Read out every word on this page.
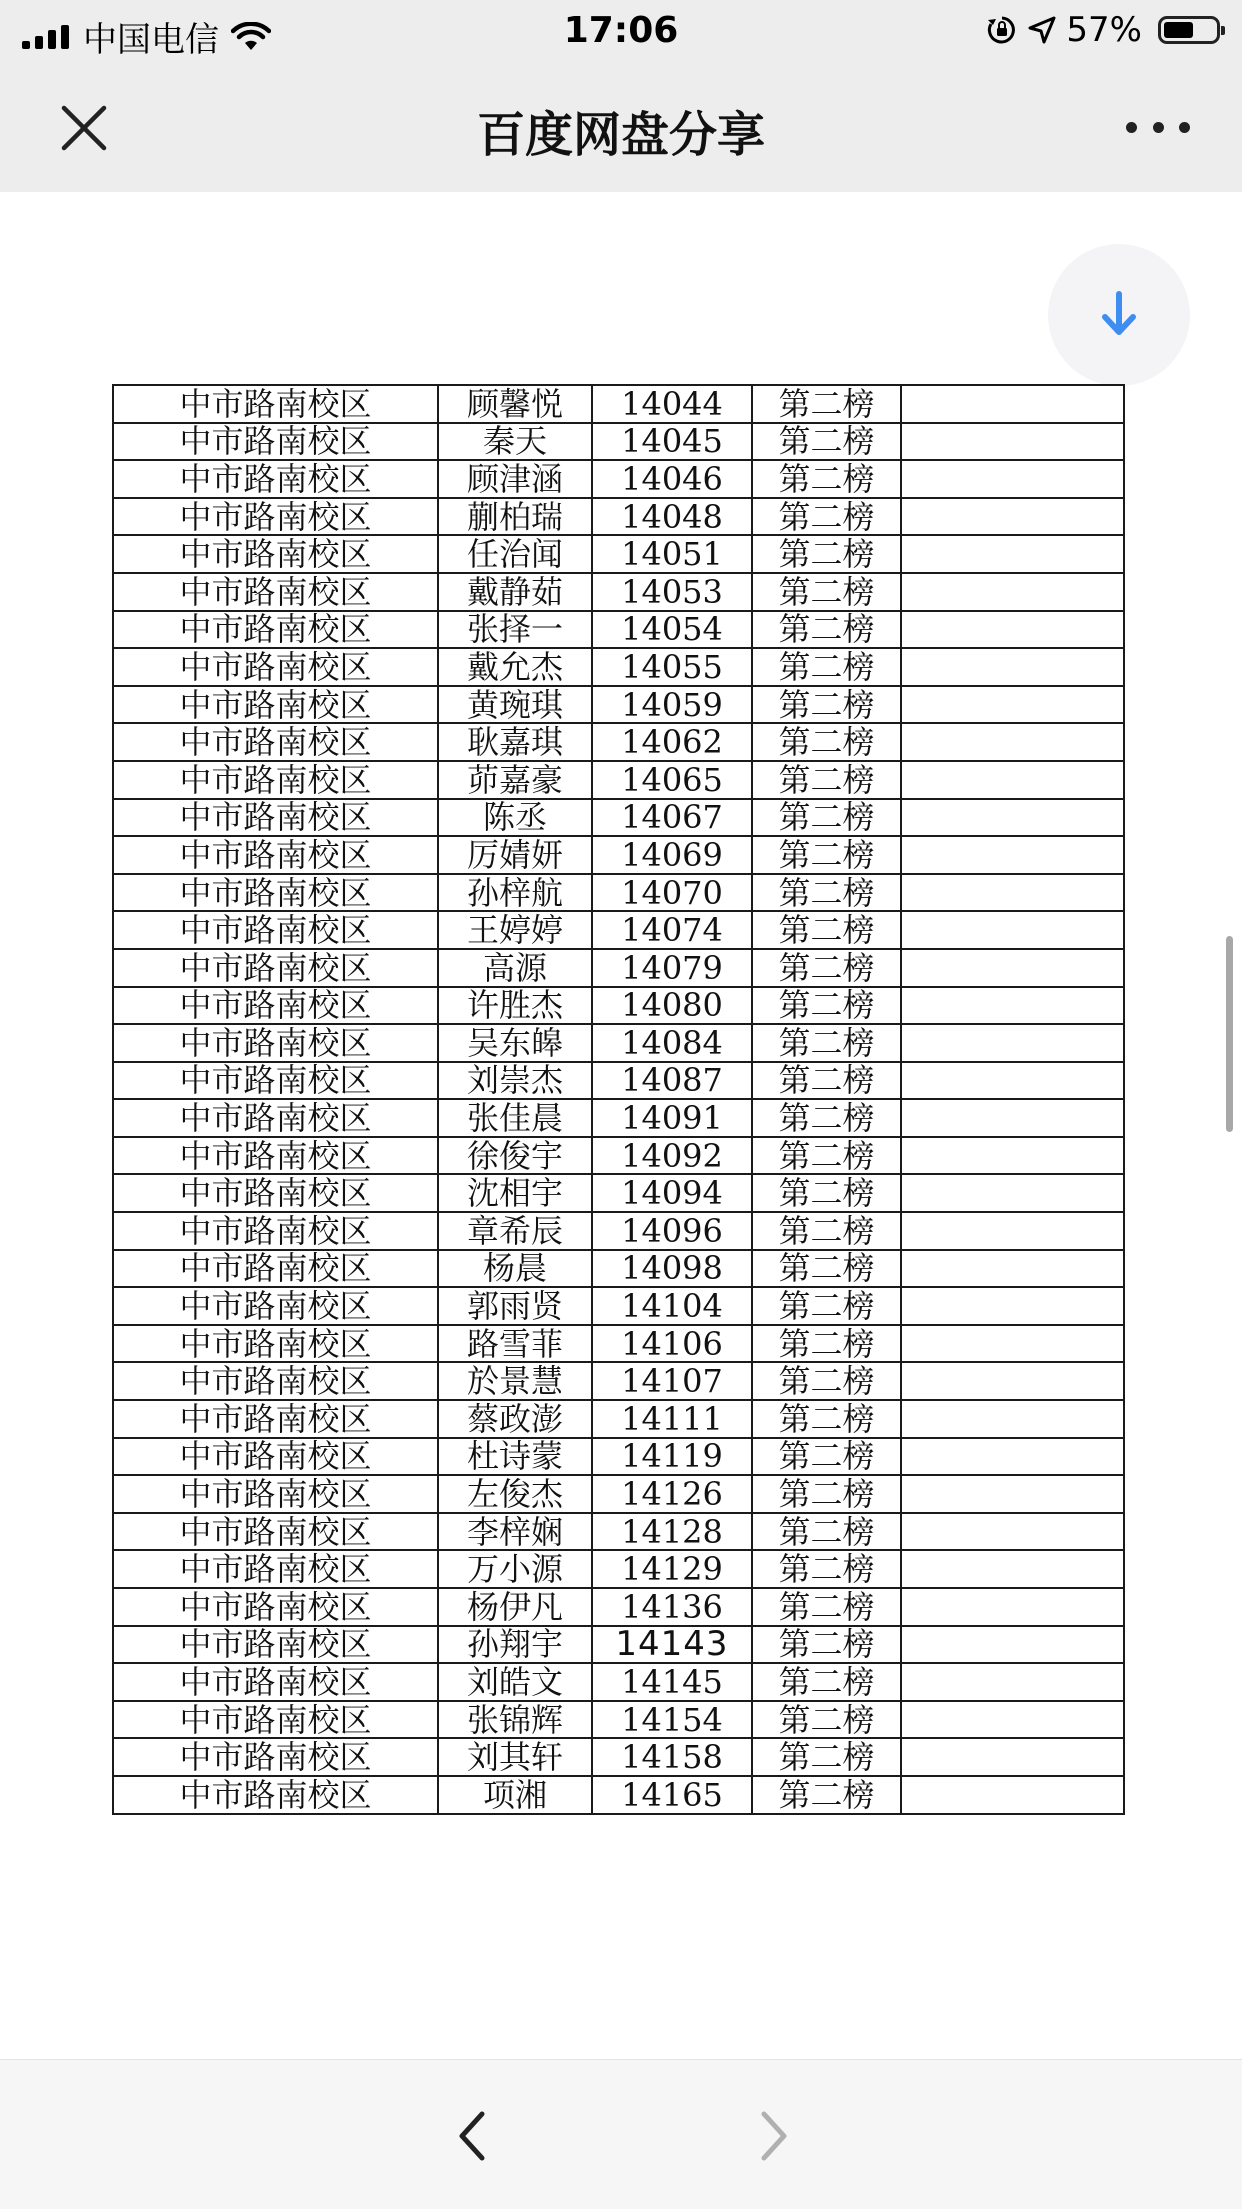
中国电信	17:06	57%
百度网盘分享
中市路南校区	顾馨悦	14044	第二榜	
中市路南校区	秦天	14045	第二榜	
中市路南校区	顾津涵	14046	第二榜	
中市路南校区	蒯柏瑞	14048	第二榜	
中市路南校区	任治闻	14051	第二榜	
中市路南校区	戴静茹	14053	第二榜	
中市路南校区	张择一	14054	第二榜	
中市路南校区	戴允杰	14055	第二榜	
中市路南校区	黄琬琪	14059	第二榜	
中市路南校区	耿嘉琪	14062	第二榜	
中市路南校区	茆嘉豪	14065	第二榜	
中市路南校区	陈丞	14067	第二榜	
中市路南校区	厉婧妍	14069	第二榜	
中市路南校区	孙梓航	14070	第二榜	
中市路南校区	王婷婷	14074	第二榜	
中市路南校区	高源	14079	第二榜	
中市路南校区	许胜杰	14080	第二榜	
中市路南校区	吴东皞	14084	第二榜	
中市路南校区	刘崇杰	14087	第二榜	
中市路南校区	张佳晨	14091	第二榜	
中市路南校区	徐俊宇	14092	第二榜	
中市路南校区	沈相宇	14094	第二榜	
中市路南校区	章希辰	14096	第二榜	
中市路南校区	杨晨	14098	第二榜	
中市路南校区	郭雨贤	14104	第二榜	
中市路南校区	路雪菲	14106	第二榜	
中市路南校区	於景慧	14107	第二榜	
中市路南校区	蔡政澎	14111	第二榜	
中市路南校区	杜诗蒙	14119	第二榜	
中市路南校区	左俊杰	14126	第二榜	
中市路南校区	李梓娴	14128	第二榜	
中市路南校区	万小源	14129	第二榜	
中市路南校区	杨伊凡	14136	第二榜	
中市路南校区	孙翔宇	14143	第二榜	
中市路南校区	刘皓文	14145	第二榜	
中市路南校区	张锦辉	14154	第二榜	
中市路南校区	刘其轩	14158	第二榜	
中市路南校区	项湘	14165	第二榜	
